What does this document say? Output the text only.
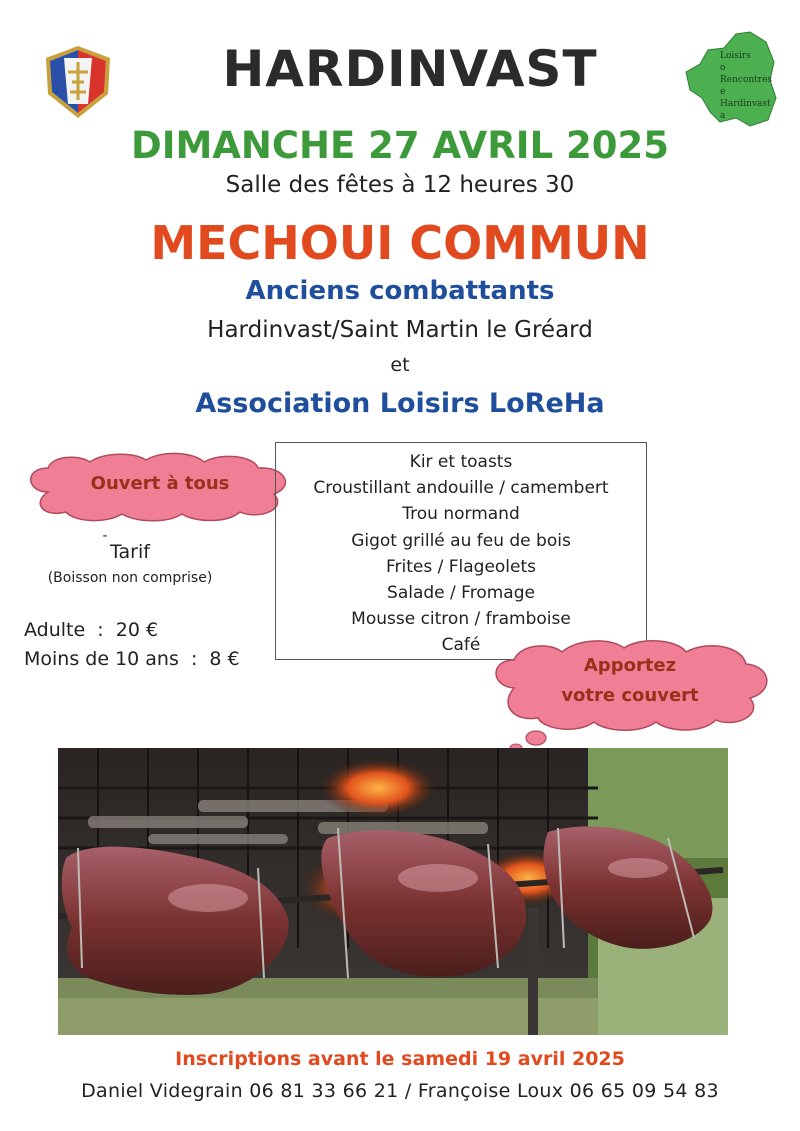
Loisirs
o
Rencontres
e
Hardinvast
a
HARDINVAST
DIMANCHE 27 AVRIL 2025
Salle des fêtes à 12 heures 30
MECHOUI COMMUN
Anciens combattants
Hardinvast/Saint Martin le Gréard
et
Association Loisirs LoReHa
Ouvert à tous
-
Tarif
(Boisson non comprise)
Adulte  :  20 €
Moins de 10 ans  :  8 €
Kir et toasts
Croustillant andouille / camembert
Trou normand
Gigot grillé au feu de bois
Frites / Flageolets
Salade / Fromage
Mousse citron / framboise
Café
Apportez
votre couvert
Inscriptions avant le samedi 19 avril 2025
Daniel Videgrain 06 81 33 66 21 / Françoise Loux 06 65 09 54 83
